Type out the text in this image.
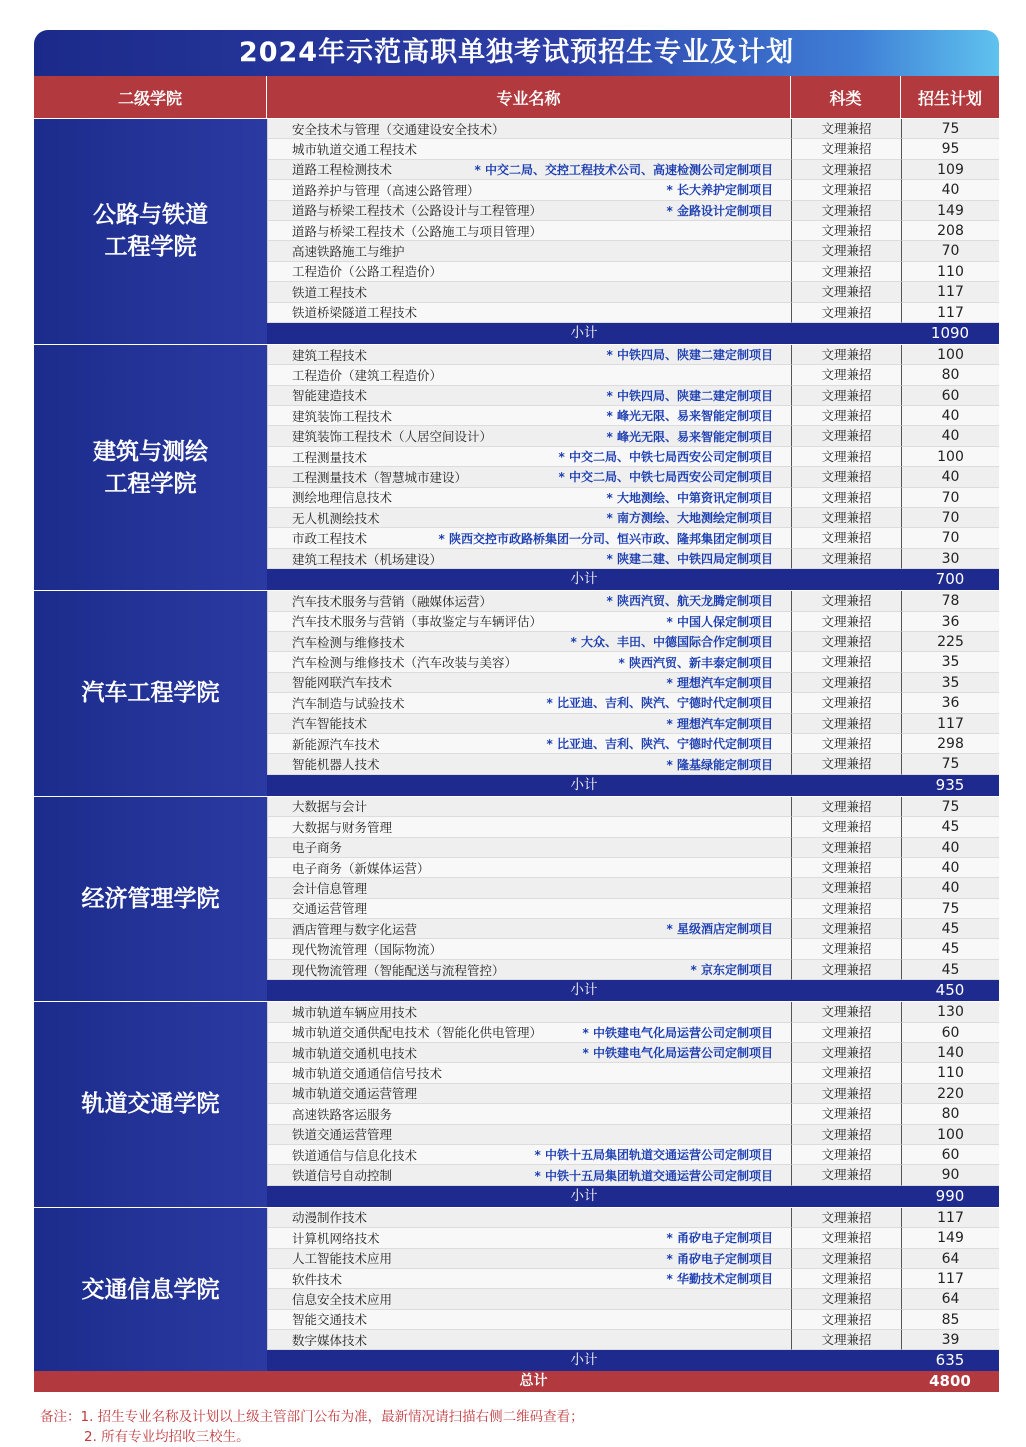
2024年示范高职单独考试预招生专业及计划
二级学院	专业名称	科类	招生计划
公路与铁道
工程学院
安全技术与管理（交通建设安全技术）	文理兼招	75
城市轨道交通工程技术	文理兼招	95
道路工程检测技术	* 中交二局、交控工程技术公司、高速检测公司定制项目	文理兼招	109
道路养护与管理（高速公路管理）	* 长大养护定制项目	文理兼招	40
道路与桥梁工程技术（公路设计与工程管理）	* 金路设计定制项目	文理兼招	149
道路与桥梁工程技术（公路施工与项目管理）	文理兼招	208
高速铁路施工与维护	文理兼招	70
工程造价（公路工程造价）	文理兼招	110
铁道工程技术	文理兼招	117
铁道桥梁隧道工程技术	文理兼招	117
小计	1090
建筑与测绘
工程学院
建筑工程技术	* 中铁四局、陕建二建定制项目	文理兼招	100
工程造价（建筑工程造价）	文理兼招	80
智能建造技术	* 中铁四局、陕建二建定制项目	文理兼招	60
建筑装饰工程技术	* 峰光无限、易来智能定制项目	文理兼招	40
建筑装饰工程技术（人居空间设计）	* 峰光无限、易来智能定制项目	文理兼招	40
工程测量技术	* 中交二局、中铁七局西安公司定制项目	文理兼招	100
工程测量技术（智慧城市建设）	* 中交二局、中铁七局西安公司定制项目	文理兼招	40
测绘地理信息技术	* 大地测绘、中第资讯定制项目	文理兼招	70
无人机测绘技术	* 南方测绘、大地测绘定制项目	文理兼招	70
市政工程技术	* 陕西交控市政路桥集团一分司、恒兴市政、隆邦集团定制项目	文理兼招	70
建筑工程技术（机场建设）	* 陕建二建、中铁四局定制项目	文理兼招	30
小计	700
汽车工程学院
汽车技术服务与营销（融媒体运营）	* 陕西汽贸、航天龙腾定制项目	文理兼招	78
汽车技术服务与营销（事故鉴定与车辆评估）	* 中国人保定制项目	文理兼招	36
汽车检测与维修技术	* 大众、丰田、中德国际合作定制项目	文理兼招	225
汽车检测与维修技术（汽车改装与美容）	* 陕西汽贸、新丰泰定制项目	文理兼招	35
智能网联汽车技术	* 理想汽车定制项目	文理兼招	35
汽车制造与试验技术	* 比亚迪、吉利、陕汽、宁德时代定制项目	文理兼招	36
汽车智能技术	* 理想汽车定制项目	文理兼招	117
新能源汽车技术	* 比亚迪、吉利、陕汽、宁德时代定制项目	文理兼招	298
智能机器人技术	* 隆基绿能定制项目	文理兼招	75
小计	935
经济管理学院
大数据与会计	文理兼招	75
大数据与财务管理	文理兼招	45
电子商务	文理兼招	40
电子商务（新媒体运营）	文理兼招	40
会计信息管理	文理兼招	40
交通运营管理	文理兼招	75
酒店管理与数字化运营	* 星级酒店定制项目	文理兼招	45
现代物流管理（国际物流）	文理兼招	45
现代物流管理（智能配送与流程管控）	* 京东定制项目	文理兼招	45
小计	450
轨道交通学院
城市轨道车辆应用技术	文理兼招	130
城市轨道交通供配电技术（智能化供电管理）	* 中铁建电气化局运营公司定制项目	文理兼招	60
城市轨道交通机电技术	* 中铁建电气化局运营公司定制项目	文理兼招	140
城市轨道交通通信信号技术	文理兼招	110
城市轨道交通运营管理	文理兼招	220
高速铁路客运服务	文理兼招	80
铁道交通运营管理	文理兼招	100
铁道通信与信息化技术	* 中铁十五局集团轨道交通运营公司定制项目	文理兼招	60
铁道信号自动控制	* 中铁十五局集团轨道交通运营公司定制项目	文理兼招	90
小计	990
交通信息学院
动漫制作技术	文理兼招	117
计算机网络技术	* 甬矽电子定制项目	文理兼招	149
人工智能技术应用	* 甬矽电子定制项目	文理兼招	64
软件技术	* 华勤技术定制项目	文理兼招	117
信息安全技术应用	文理兼招	64
智能交通技术	文理兼招	85
数字媒体技术	文理兼招	39
小计	635
总计	4800
备注：1. 招生专业名称及计划以上级主管部门公布为准，最新情况请扫描右侧二维码查看；
2. 所有专业均招收三校生。
